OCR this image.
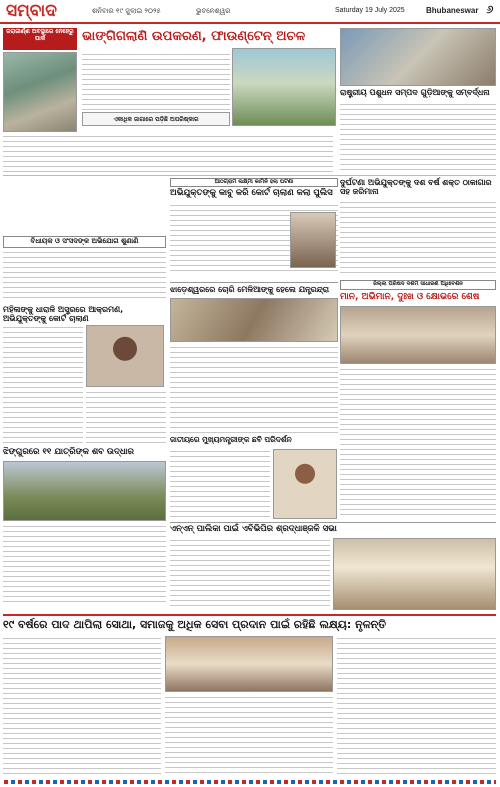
ସମ୍ବାଦ	ଶନିବାର ୧୯ ଜୁଲାଇ ୨୦୨୫	ଭୁବନେଶ୍ୱର	Saturday 19 July 2025	Bhubaneswar ୬
ଜରାଜୀର୍ଣ୍ଣ ଅବସ୍ଥାରେ ନେହେରୁ ପାର୍କ	ଭାଙ୍ଗିଗଲାଣି ଉପକରଣ, ଫାଉଣ୍ଟେନ୍ ଅଚଳ
ଏକାଧିକ ଜାଗାରେ ପଡ଼ିଛି ଅପରିଷ୍କାର
ରାଷ୍ଟ୍ରୀୟ ପଶୁଧନ ସମ୍ପଦ ଗୁଡ଼ିଆଙ୍କୁ ସମ୍ବର୍ଦ୍ଧନା
ଆଠଗ୍ରାମ ଲକ୍ଷ୍ମୀ କାମିନି ହଲା ଘଟଣା
ଅଭିଯୁକ୍ତଙ୍କୁ କାବୁ କରି କୋର୍ଟ ଚାଲାଣ କଲା ପୁଲିସ
ଦୁର୍ଘଟଣା ଅଭିଯୁକ୍ତଙ୍କୁ ଦଶ ବର୍ଷ ଶକ୍ତ ଠାକାଗାର ସହ ଜରିମାନା
ବିଧାୟକ ଓ ସଂସଦଙ୍କ ଅଭିଯୋଗ ଶୁଣାଣି
ମହିଳାଙ୍କୁ ଧାରାଳି ଅସ୍ତ୍ରରେ ଆକ୍ରମଣ, ଅଭିଯୁକ୍ତଙ୍କୁ କୋର୍ଟ ଚାଲାଣ
ଝିଙ୍ଗୁରରେ ୧୧ ଯାତ୍ରିଙ୍କ ଶବ ଉଦ୍ଧାର
ଝାଡ଼େଶ୍ୱରରେ ଚୋରି ମେଳିଆଙ୍କୁ ହେଲେ ଯନ୍ତ୍ରନ୍ଦ୍ରା
ଜାତୀୟରେ ମୁଖ୍ୟମନ୍ତ୍ରୀଙ୍କ ଛବି ପରିଦର୍ଶନ
ଜିଲ୍ଲା ପରିଷଦ ଦଶମ ସାଧାରଣ ଅଧିବେଶନ
ମାନ, ଅଭିମାନ, ଦୁଃଖ ଓ କ୍ଷୋଭରେ ଶେଷ
ଏନ୍‌ଏନ୍ ପାଲିକା ପାଇଁ ଏବିଭିପିର ଶ୍ରଦ୍ଧାଞ୍ଜଳି ସଭା
୧୯ ବର୍ଷରେ ପାଦ ଥାପିଲା ସୋଥା, ସମାଜକୁ ଅଧିକ ସେବା ପ୍ରଦାନ ପାଇଁ ରହିଛି ଲକ୍ଷ୍ୟ: ନୃଳନ୍ତି
